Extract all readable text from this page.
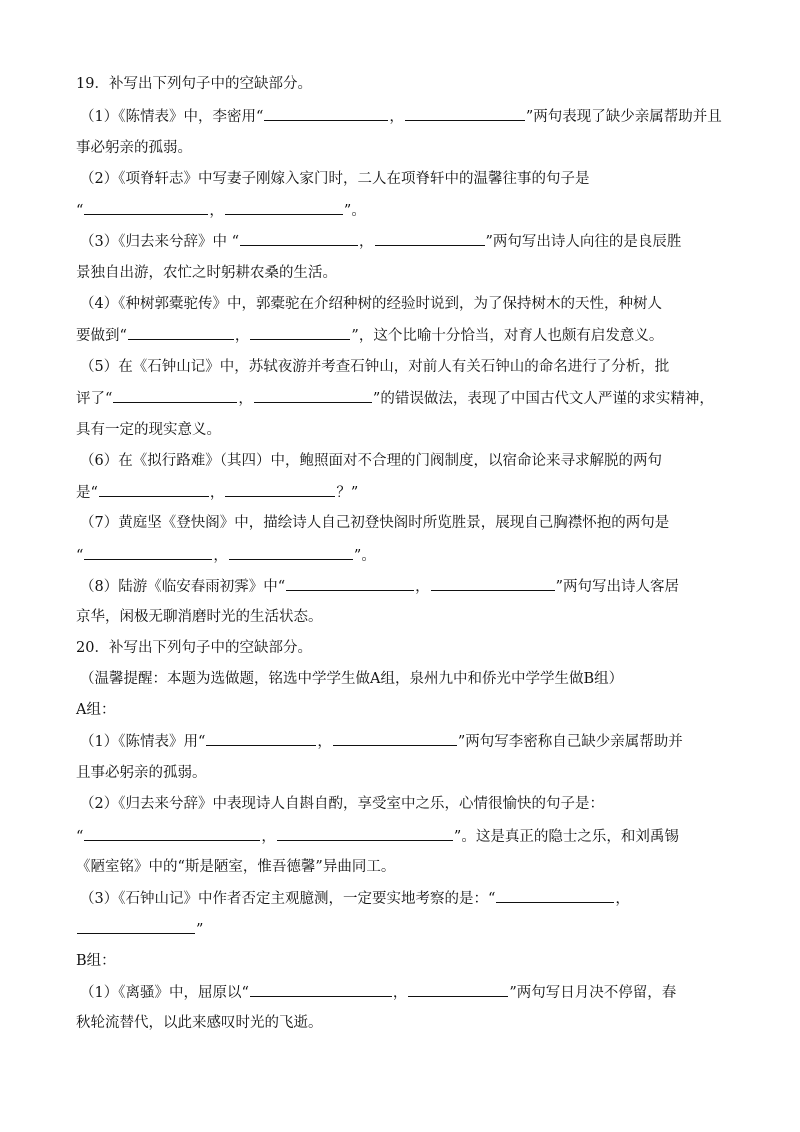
19．补写出下列句子中的空缺部分。
（1）《陈情表》中，李密用“	，	”两句表现了缺少亲属帮助并且
事必躬亲的孤弱。
（2）《项脊轩志》中写妻子刚嫁入家门时，二人在项脊轩中的温馨往事的句子是
“	，	”。
（3）《归去来兮辞》中 “	，	”两句写出诗人向往的是良辰胜
景独自出游，农忙之时躬耕农桑的生活。
（4）《种树郭橐驼传》中，郭橐驼在介绍种树的经验时说到，为了保持树木的天性，种树人
要做到“	，	”，这个比喻十分恰当，对育人也颇有启发意义。
（5）在《石钟山记》中，苏轼夜游并考查石钟山，对前人有关石钟山的命名进行了分析，批
评了“	，	”的错误做法，表现了中国古代文人严谨的求实精神，
具有一定的现实意义。
（6）在《拟行路难》（其四）中，鲍照面对不合理的门阀制度，以宿命论来寻求解脱的两句
是“	，	？”
（7）黄庭坚《登快阁》中，描绘诗人自己初登快阁时所览胜景，展现自己胸襟怀抱的两句是
“	，	”。
（8）陆游《临安春雨初霁》中“	，	”两句写出诗人客居
京华，闲极无聊消磨时光的生活状态。
20．补写出下列句子中的空缺部分。
（温馨提醒：本题为选做题，铭选中学学生做A组，泉州九中和侨光中学学生做B组）
A组：
（1）《陈情表》用“	，	”两句写李密称自己缺少亲属帮助并
且事必躬亲的孤弱。
（2）《归去来兮辞》中表现诗人自斟自酌，享受室中之乐，心情很愉快的句子是：
“	，	”。这是真正的隐士之乐，和刘禹锡
《陋室铭》中的“斯是陋室，惟吾德馨”异曲同工。
（3）《石钟山记》中作者否定主观臆测，一定要实地考察的是：“	，
”
B组：
（1）《离骚》中，屈原以“	，	”两句写日月决不停留，春
秋轮流替代，以此来感叹时光的飞逝。
